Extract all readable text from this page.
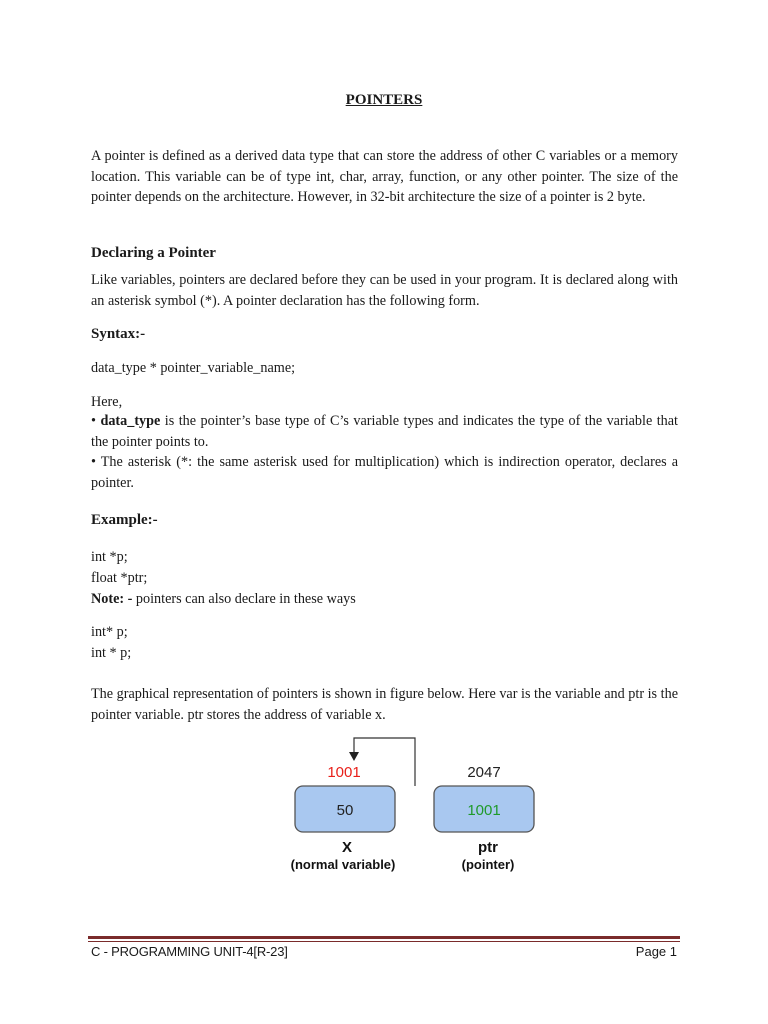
POINTERS
A pointer is defined as a derived data type that can store the address of other C variables or a memory location. This variable can be of type int, char, array, function, or any other pointer. The size of the pointer depends on the architecture. However, in 32-bit architecture the size of a pointer is 2 byte.
Declaring a Pointer
Like variables, pointers are declared before they can be used in your program. It is declared along with an asterisk symbol (*). A pointer declaration has the following form.
Syntax:-
data_type * pointer_variable_name;
Here,
• data_type is the pointer’s base type of C’s variable types and indicates the type of the variable that the pointer points to.
• The asterisk (*: the same asterisk used for multiplication) which is indirection operator, declares a pointer.
Example:-
int *p;
float *ptr;
Note: - pointers can also declare in these ways
int* p;
int * p;
The graphical representation of pointers is shown in figure below. Here var is the variable and ptr is the pointer variable. ptr stores the address of variable x.
1001	2047
50	1001
X
(normal variable)
ptr
(pointer)
C - PROGRAMMING UNIT-4[R-23]	Page 1
